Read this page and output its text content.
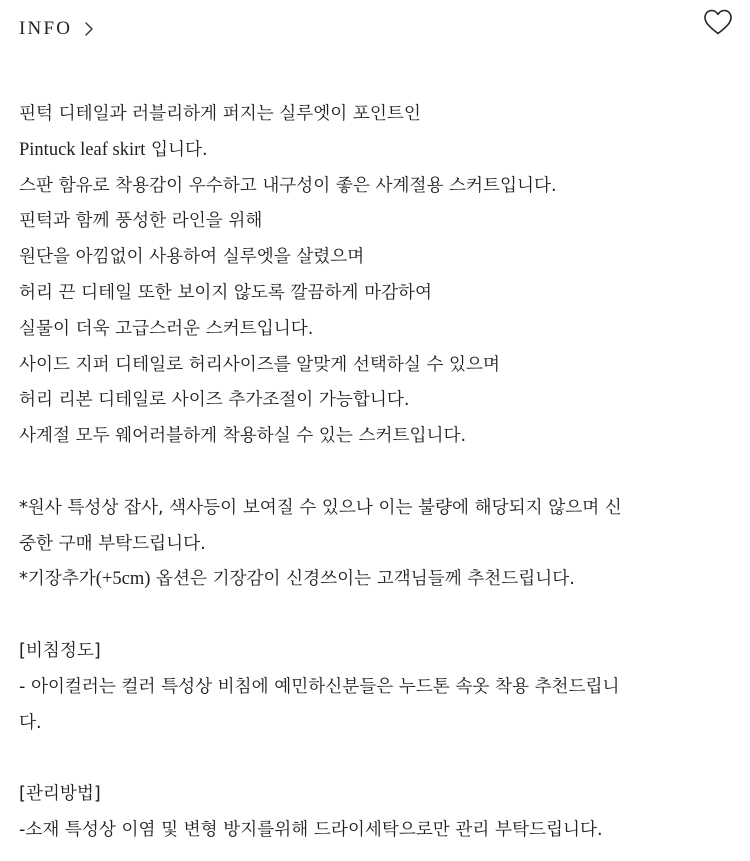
INFO
핀턱 디테일과 러블리하게 퍼지는 실루엣이 포인트인
Pintuck leaf skirt 입니다.
스판 함유로 착용감이 우수하고 내구성이 좋은 사계절용 스커트입니다.
핀턱과 함께 풍성한 라인을 위해
원단을 아낌없이 사용하여 실루엣을 살렸으며
허리 끈 디테일 또한 보이지 않도록 깔끔하게 마감하여
실물이 더욱 고급스러운 스커트입니다.
사이드 지퍼 디테일로 허리사이즈를 알맞게 선택하실 수 있으며
허리 리본 디테일로 사이즈 추가조절이 가능합니다.
사계절 모두 웨어러블하게 착용하실 수 있는 스커트입니다.
*원사 특성상 잡사, 색사등이 보여질 수 있으나 이는 불량에 해당되지 않으며 신
중한 구매 부탁드립니다.
*기장추가(+5cm) 옵션은 기장감이 신경쓰이는 고객님들께 추천드립니다.
[비침정도]
- 아이컬러는 컬러 특성상 비침에 예민하신분들은 누드톤 속옷 착용 추천드립니
다.
[관리방법]
-소재 특성상 이염 및 변형 방지를위해 드라이세탁으로만 관리 부탁드립니다.
